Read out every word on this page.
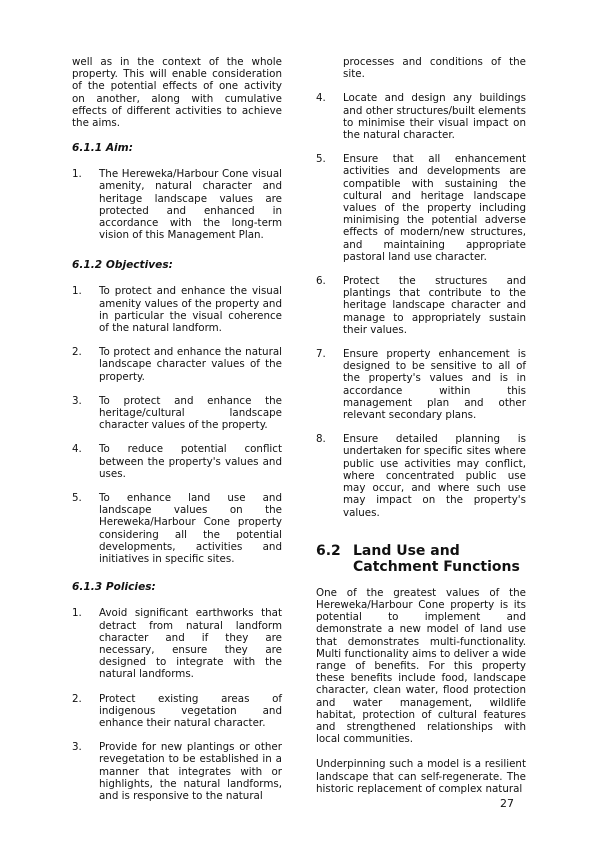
well as in the context of the whole property. This will enable consideration of the potential effects of one activity on another, along with cumulative effects of different activities to achieve the aims.

6.1.1 Aim:
1.	The Hereweka/Harbour Cone visual amenity, natural character and heritage landscape values are protected and enhanced in accordance with the long-term vision of this Management Plan.

6.1.2 Objectives:
1.	To protect and enhance the visual amenity values of the property and in particular the visual coherence of the natural landform.

2.	To protect and enhance the natural landscape character values of the property.

3.	To protect and enhance the heritage/cultural landscape character values of the property.

4.	To reduce potential conflict between the property's values and uses.

5.	To enhance land use and landscape values on the Hereweka/Harbour Cone property considering all the potential developments, activities and initiatives in specific sites.

6.1.3 Policies:
1.	Avoid significant earthworks that detract from natural landform character and if they are necessary, ensure they are designed to integrate with the natural landforms.

2.	Protect existing areas of indigenous vegetation and enhance their natural character.

3.	Provide for new plantings or other revegetation to be established in a manner that integrates with or highlights, the natural landforms, and is responsive to the natural

processes and conditions of the site.

4.	Locate and design any buildings and other structures/built elements to minimise their visual impact on the natural character.

5.	Ensure that all enhancement activities and developments are compatible with sustaining the cultural and heritage landscape values of the property including minimising the potential adverse effects of modern/new structures, and maintaining appropriate pastoral land use character.

6.	Protect the structures and plantings that contribute to the heritage landscape character and manage to appropriately sustain their values.

7.	Ensure property enhancement is designed to be sensitive to all of the property's values and is in accordance within this management plan and other relevant secondary plans.

8.	Ensure detailed planning is undertaken for specific sites where public use activities may conflict, where concentrated public use may occur, and where such use may impact on the property's values.

6.2 Land Use and Catchment Functions

One of the greatest values of the Hereweka/Harbour Cone property is its potential to implement and demonstrate a new model of land use that demonstrates multi-functionality. Multi functionality aims to deliver a wide range of benefits. For this property these benefits include food, landscape character, clean water, flood protection and water management, wildlife habitat, protection of cultural features and strengthened relationships with local communities.

Underpinning such a model is a resilient landscape that can self-regenerate. The historic replacement of complex natural

27
